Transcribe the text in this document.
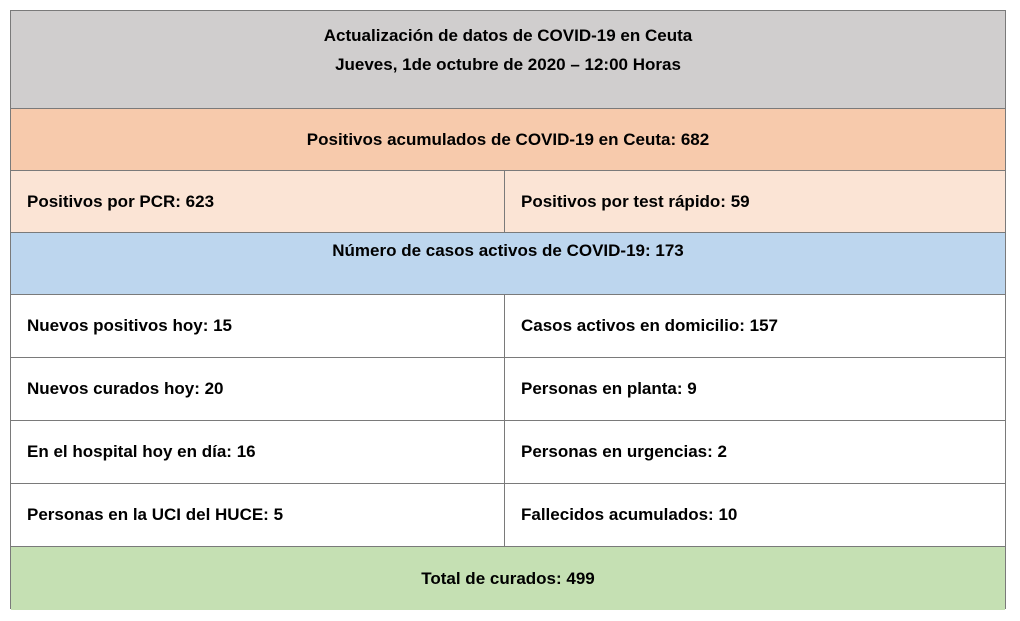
Actualización de datos de COVID-19 en Ceuta
Jueves, 1de octubre de 2020 – 12:00 Horas
Positivos acumulados de COVID-19 en Ceuta: 682
Positivos por PCR: 623	Positivos por test rápido: 59
Número de casos activos de COVID-19: 173
Nuevos positivos hoy: 15	Casos activos en domicilio: 157
Nuevos curados hoy: 20	Personas en planta: 9
En el hospital hoy en día: 16	Personas en urgencias: 2
Personas en la UCI del HUCE: 5	Fallecidos acumulados: 10
Total de curados: 499
